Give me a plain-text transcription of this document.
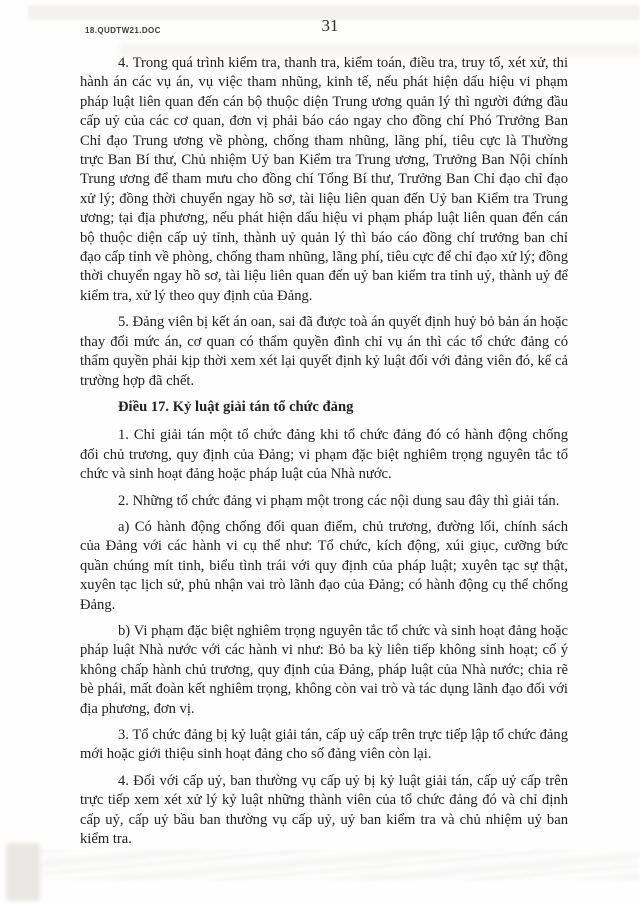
18.QUDTW21.DOC	31

4. Trong quá trình kiểm tra, thanh tra, kiểm toán, điều tra, truy tố, xét xử, thi hành án các vụ án, vụ việc tham nhũng, kinh tế, nếu phát hiện dấu hiệu vi phạm pháp luật liên quan đến cán bộ thuộc diện Trung ương quản lý thì người đứng đầu cấp uỷ của các cơ quan, đơn vị phải báo cáo ngay cho đồng chí Phó Trưởng Ban Chỉ đạo Trung ương về phòng, chống tham nhũng, lãng phí, tiêu cực là Thường trực Ban Bí thư, Chủ nhiệm Uỷ ban Kiểm tra Trung ương, Trưởng Ban Nội chính Trung ương để tham mưu cho đồng chí Tổng Bí thư, Trưởng Ban Chỉ đạo chỉ đạo xử lý; đồng thời chuyển ngay hồ sơ, tài liệu liên quan đến Uỷ ban Kiểm tra Trung ương; tại địa phương, nếu phát hiện dấu hiệu vi phạm pháp luật liên quan đến cán bộ thuộc diện cấp uỷ tỉnh, thành uỷ quản lý thì báo cáo đồng chí trưởng ban chỉ đạo cấp tỉnh về phòng, chống tham nhũng, lãng phí, tiêu cực để chỉ đạo xử lý; đồng thời chuyển ngay hồ sơ, tài liệu liên quan đến uỷ ban kiểm tra tỉnh uỷ, thành uỷ để kiểm tra, xử lý theo quy định của Đảng.

5. Đảng viên bị kết án oan, sai đã được toà án quyết định huỷ bỏ bản án hoặc thay đổi mức án, cơ quan có thẩm quyền đình chỉ vụ án thì các tổ chức đảng có thẩm quyền phải kịp thời xem xét lại quyết định kỷ luật đối với đảng viên đó, kể cả trường hợp đã chết.

Điều 17. Kỷ luật giải tán tổ chức đảng

1. Chỉ giải tán một tổ chức đảng khi tổ chức đảng đó có hành động chống đối chủ trương, quy định của Đảng; vi phạm đặc biệt nghiêm trọng nguyên tắc tổ chức và sinh hoạt đảng hoặc pháp luật của Nhà nước.

2. Những tổ chức đảng vi phạm một trong các nội dung sau đây thì giải tán.

a) Có hành động chống đối quan điểm, chủ trương, đường lối, chính sách của Đảng với các hành vi cụ thể như: Tổ chức, kích động, xúi giục, cưỡng bức quần chúng mít tinh, biểu tình trái với quy định của pháp luật; xuyên tạc sự thật, xuyên tạc lịch sử, phủ nhận vai trò lãnh đạo của Đảng; có hành động cụ thể chống Đảng.

b) Vi phạm đặc biệt nghiêm trọng nguyên tắc tổ chức và sinh hoạt đảng hoặc pháp luật Nhà nước với các hành vi như: Bỏ ba kỳ liên tiếp không sinh hoạt; cố ý không chấp hành chủ trương, quy định của Đảng, pháp luật của Nhà nước; chia rẽ bè phái, mất đoàn kết nghiêm trọng, không còn vai trò và tác dụng lãnh đạo đối với địa phương, đơn vị.

3. Tổ chức đảng bị kỷ luật giải tán, cấp uỷ cấp trên trực tiếp lập tổ chức đảng mới hoặc giới thiệu sinh hoạt đảng cho số đảng viên còn lại.

4. Đối với cấp uỷ, ban thường vụ cấp uỷ bị kỷ luật giải tán, cấp uỷ cấp trên trực tiếp xem xét xử lý kỷ luật những thành viên của tổ chức đảng đó và chỉ định cấp uỷ, cấp uỷ bầu ban thường vụ cấp uỷ, uỷ ban kiểm tra và chủ nhiệm uỷ ban kiểm tra.
